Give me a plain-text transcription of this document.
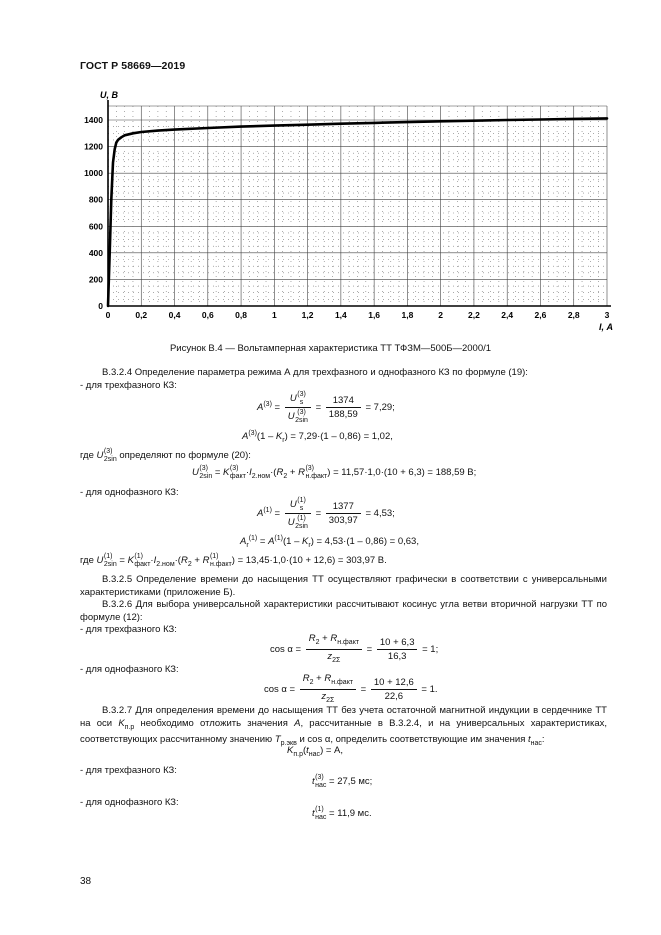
ГОСТ Р 58669—2019
0	0,2	0,4	0,6	0,8	1	1,2	1,4	1,6	1,8	2	2,2	2,4	2,6	2,8	3
0
200
400
600
800
1000
1200
1400
U, В
I, А
Рисунок В.4 — Вольтамперная характеристика ТТ ТФЗМ—500Б—2000/1
В.3.2.4 Определение параметра режима А для трехфазного и однофазного КЗ по формуле (19):
- для трехфазного КЗ:
$A^{(3)} = U$ (3)
s
U (3)
$2\sin = \frac{1374}{188,59} = 7,29$;
$A^{(3)}(1 - K_r) = 7,29\cdot(1 - 0,86) = 1,02$,
где U (3)
2sin определяют по формуле (20):
U (3)
2sin = K (3)
факт $\cdot I_{2.ном}\cdot(R_2 + R$ (3)
н.факт ) = 11,57·1,0·(10 + 6,3) = 188,59 В;
- для однофазного КЗ:
$A^{(1)} = U$ (1)
s
U (1)
$2\sin = \frac{1377}{303,97} = 4,53$;
$A_r^{(1)} = A^{(1)}(1 - K_r) = 4,53\cdot(1 - 0,86) = 0,63$,
где U (1)
2sin = K (1)
факт $\cdot I_{2.ном}\cdot(R_2 + R$ (1)
н.факт ) = 13,45·1,0·(10 + 12,6) = 303,97 В.
В.3.2.5 Определение времени до насыщения ТТ осуществляют графически в соответствии с универсальными характеристиками (приложение Б).
В.3.2.6 Для выбора универсальной характеристики рассчитывают косинус угла ветви вторичной нагрузки ТТ по формуле (12):
- для трехфазного КЗ:
$\cos \alpha = \frac{R_2 + R_{н.факт}}{z_{2\Sigma}} = \frac{10 + 6,3}{16,3} = 1$;
- для однофазного КЗ:
$\cos \alpha = \frac{R_2 + R_{н.факт}}{z_{2\Sigma}} = \frac{10 + 12,6}{22,6} = 1$.
В.3.2.7 Для определения времени до насыщения ТТ без учета остаточной магнитной индукции в сердечнике ТТ на оси $K_{п.р}$ необходимо отложить значения A, рассчитанные в В.3.2.4, и на универсальных характеристиках, соответствующих рассчитанному значению $T_{р.экв}$ и cos α, определить соответствующие им значения $t_{нас}$:
$K_{п.р}(t_{нас}) = A$,
- для трехфазного КЗ:
t (3)
нас = 27,5 мс;
- для однофазного КЗ:
t (1)
нас = 11,9 мс.
38
